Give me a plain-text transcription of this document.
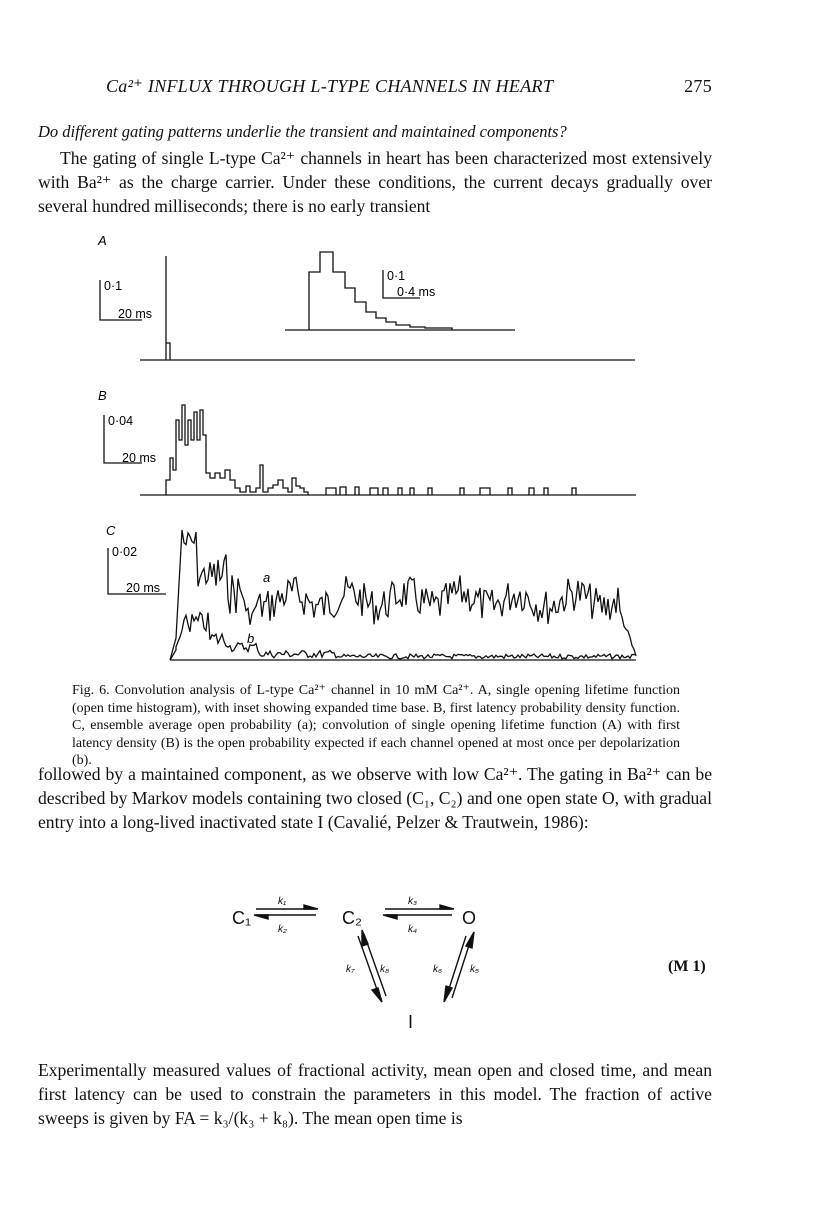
Ca²⁺ INFLUX THROUGH L-TYPE CHANNELS IN HEART	275
Do different gating patterns underlie the transient and maintained components?

The gating of single L-type Ca²⁺ channels in heart has been characterized most extensively with Ba²⁺ as the charge carrier. Under these conditions, the current decays gradually over several hundred milliseconds; there is no early transient

A
0·1
20 ms
0·1
0·4 ms
B
0·04
20 ms
C
0·02
20 ms
a
b
Fig. 6. Convolution analysis of L-type Ca²⁺ channel in 10 mM Ca²⁺. A, single opening lifetime function (open time histogram), with inset showing expanded time base. B, first latency probability density function. C, ensemble average open probability (a); convolution of single opening lifetime function (A) with first latency density (B) is the open probability expected if each channel opened at most once per depolarization (b).

followed by a maintained component, as we observe with low Ca²⁺. The gating in Ba²⁺ can be described by Markov models containing two closed (C₁, C₂) and one open state O, with gradual entry into a long-lived inactivated state I (Cavalié, Pelzer & Trautwein, 1986):

C₁	C₂	O
I
k₁
k₂
k₃
k₄
k₇	k₈	k₆	k₅	(M 1)

Experimentally measured values of fractional activity, mean open and closed time, and mean first latency can be used to constrain the parameters in this model. The fraction of active sweeps is given by FA = k₃/(k₃ + k₈). The mean open time is
